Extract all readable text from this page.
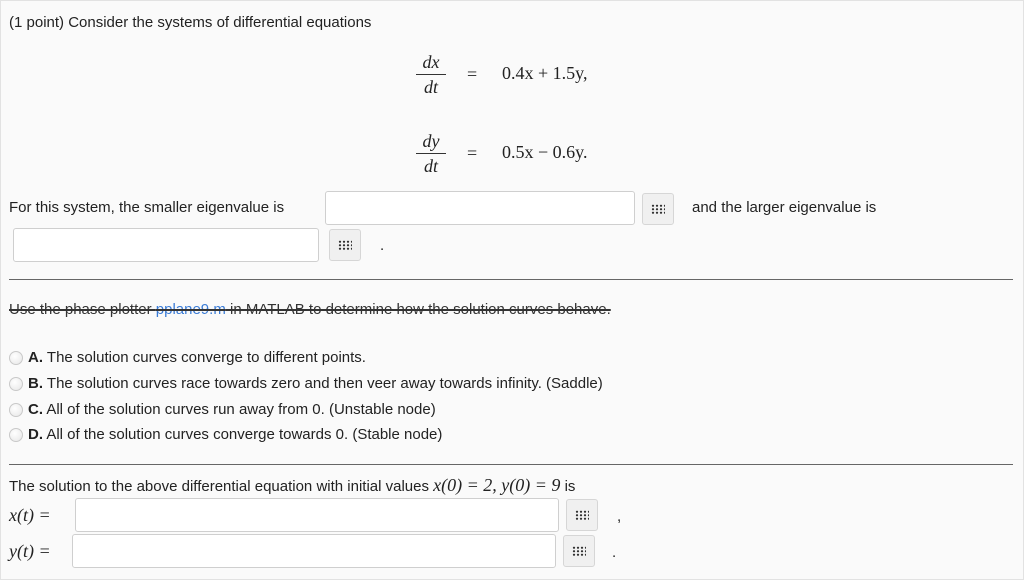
(1 point) Consider the systems of differential equations
dx
dt
= 0.4x + 1.5y,
dy
dt
= 0.5x − 0.6y.
For this system, the smaller eigenvalue is	and the larger eigenvalue is
.
Use the phase plotter pplane9.m in MATLAB to determine how the solution curves behave.
A. The solution curves converge to different points.
B. The solution curves race towards zero and then veer away towards infinity. (Saddle)
C. All of the solution curves run away from 0. (Unstable node)
D. All of the solution curves converge towards 0. (Stable node)
The solution to the above differential equation with initial values x(0) = 2, y(0) = 9 is
x(t) =	,
y(t) =	.
